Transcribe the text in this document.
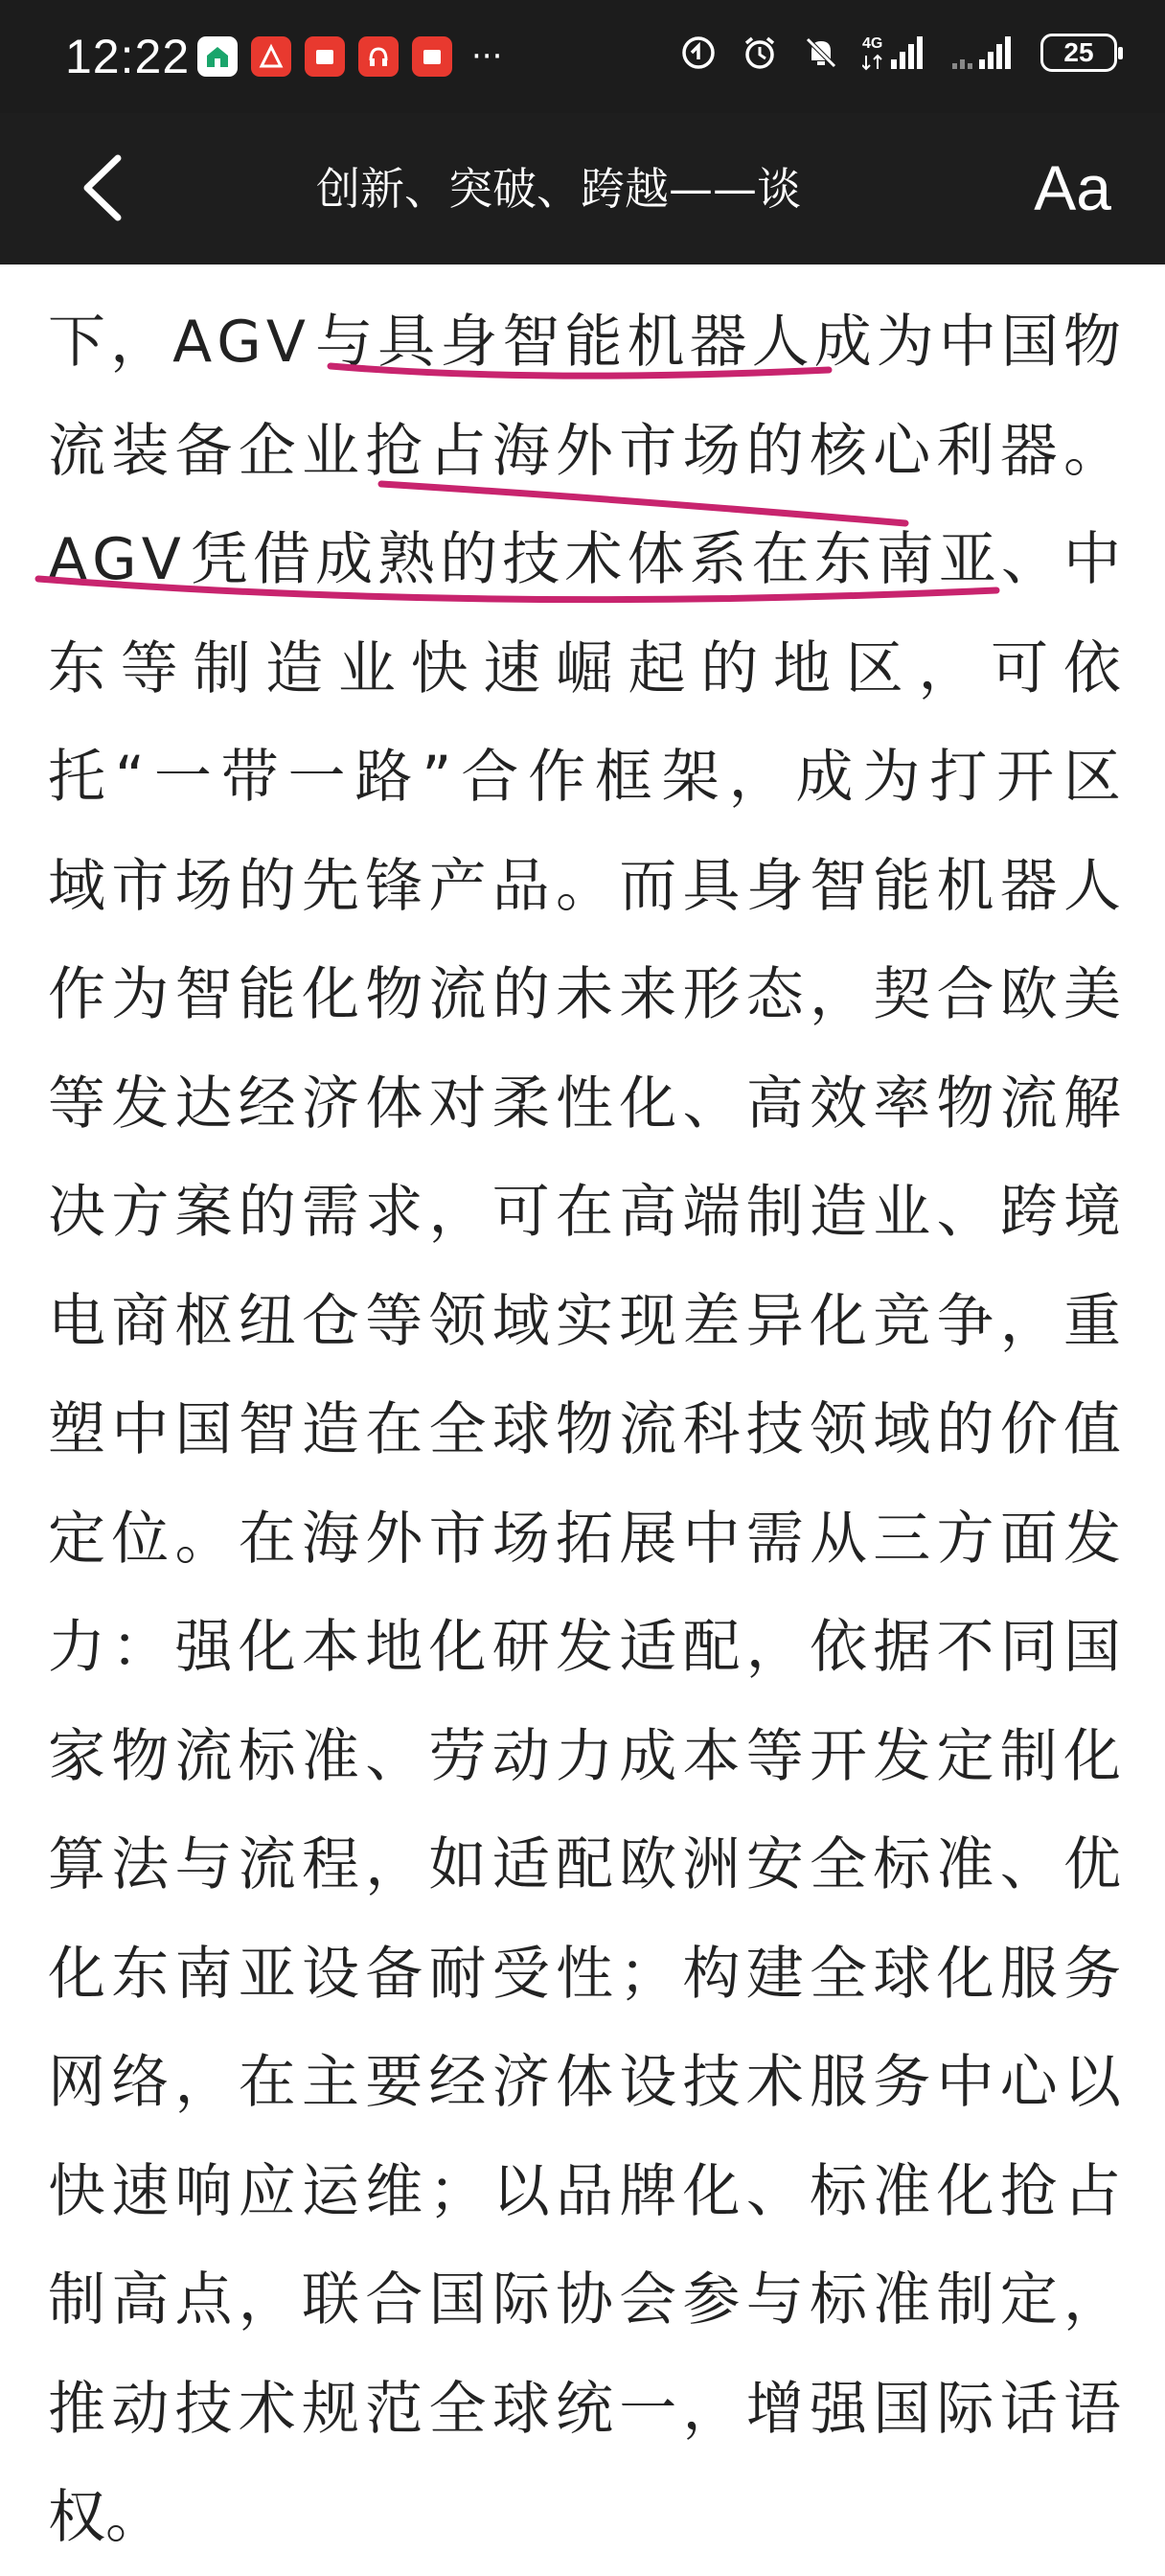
12:22	···	4G	25
创新、突破、跨越——谈	Aa
下 ， A G V 与 具 身 智 能 机 器 人 成 为 中 国 物
流 装 备 企 业 抢 占 海 外 市 场 的 核 心 利 器 。
A G V 凭 借 成 熟 的 技 术 体 系 在 东 南 亚 、 中
东 等 制 造 业 快 速 崛 起 的 地 区 ， 可 依
托 “ 一 带 一 路 ” 合 作 框 架 ， 成 为 打 开 区
域 市 场 的 先 锋 产 品 。 而 具 身 智 能 机 器 人
作 为 智 能 化 物 流 的 未 来 形 态 ， 契 合 欧 美
等 发 达 经 济 体 对 柔 性 化 、 高 效 率 物 流 解
决 方 案 的 需 求 ， 可 在 高 端 制 造 业 、 跨 境
电 商 枢 纽 仓 等 领 域 实 现 差 异 化 竞 争 ， 重
塑 中 国 智 造 在 全 球 物 流 科 技 领 域 的 价 值
定 位 。 在 海 外 市 场 拓 展 中 需 从 三 方 面 发
力 ： 强 化 本 地 化 研 发 适 配 ， 依 据 不 同 国
家 物 流 标 准 、 劳 动 力 成 本 等 开 发 定 制 化
算 法 与 流 程 ， 如 适 配 欧 洲 安 全 标 准 、 优
化 东 南 亚 设 备 耐 受 性 ； 构 建 全 球 化 服 务
网 络 ， 在 主 要 经 济 体 设 技 术 服 务 中 心 以
快 速 响 应 运 维 ； 以 品 牌 化 、 标 准 化 抢 占
制 高 点 ， 联 合 国 际 协 会 参 与 标 准 制 定 ，
推 动 技 术 规 范 全 球 统 一 ， 增 强 国 际 话 语
权。
